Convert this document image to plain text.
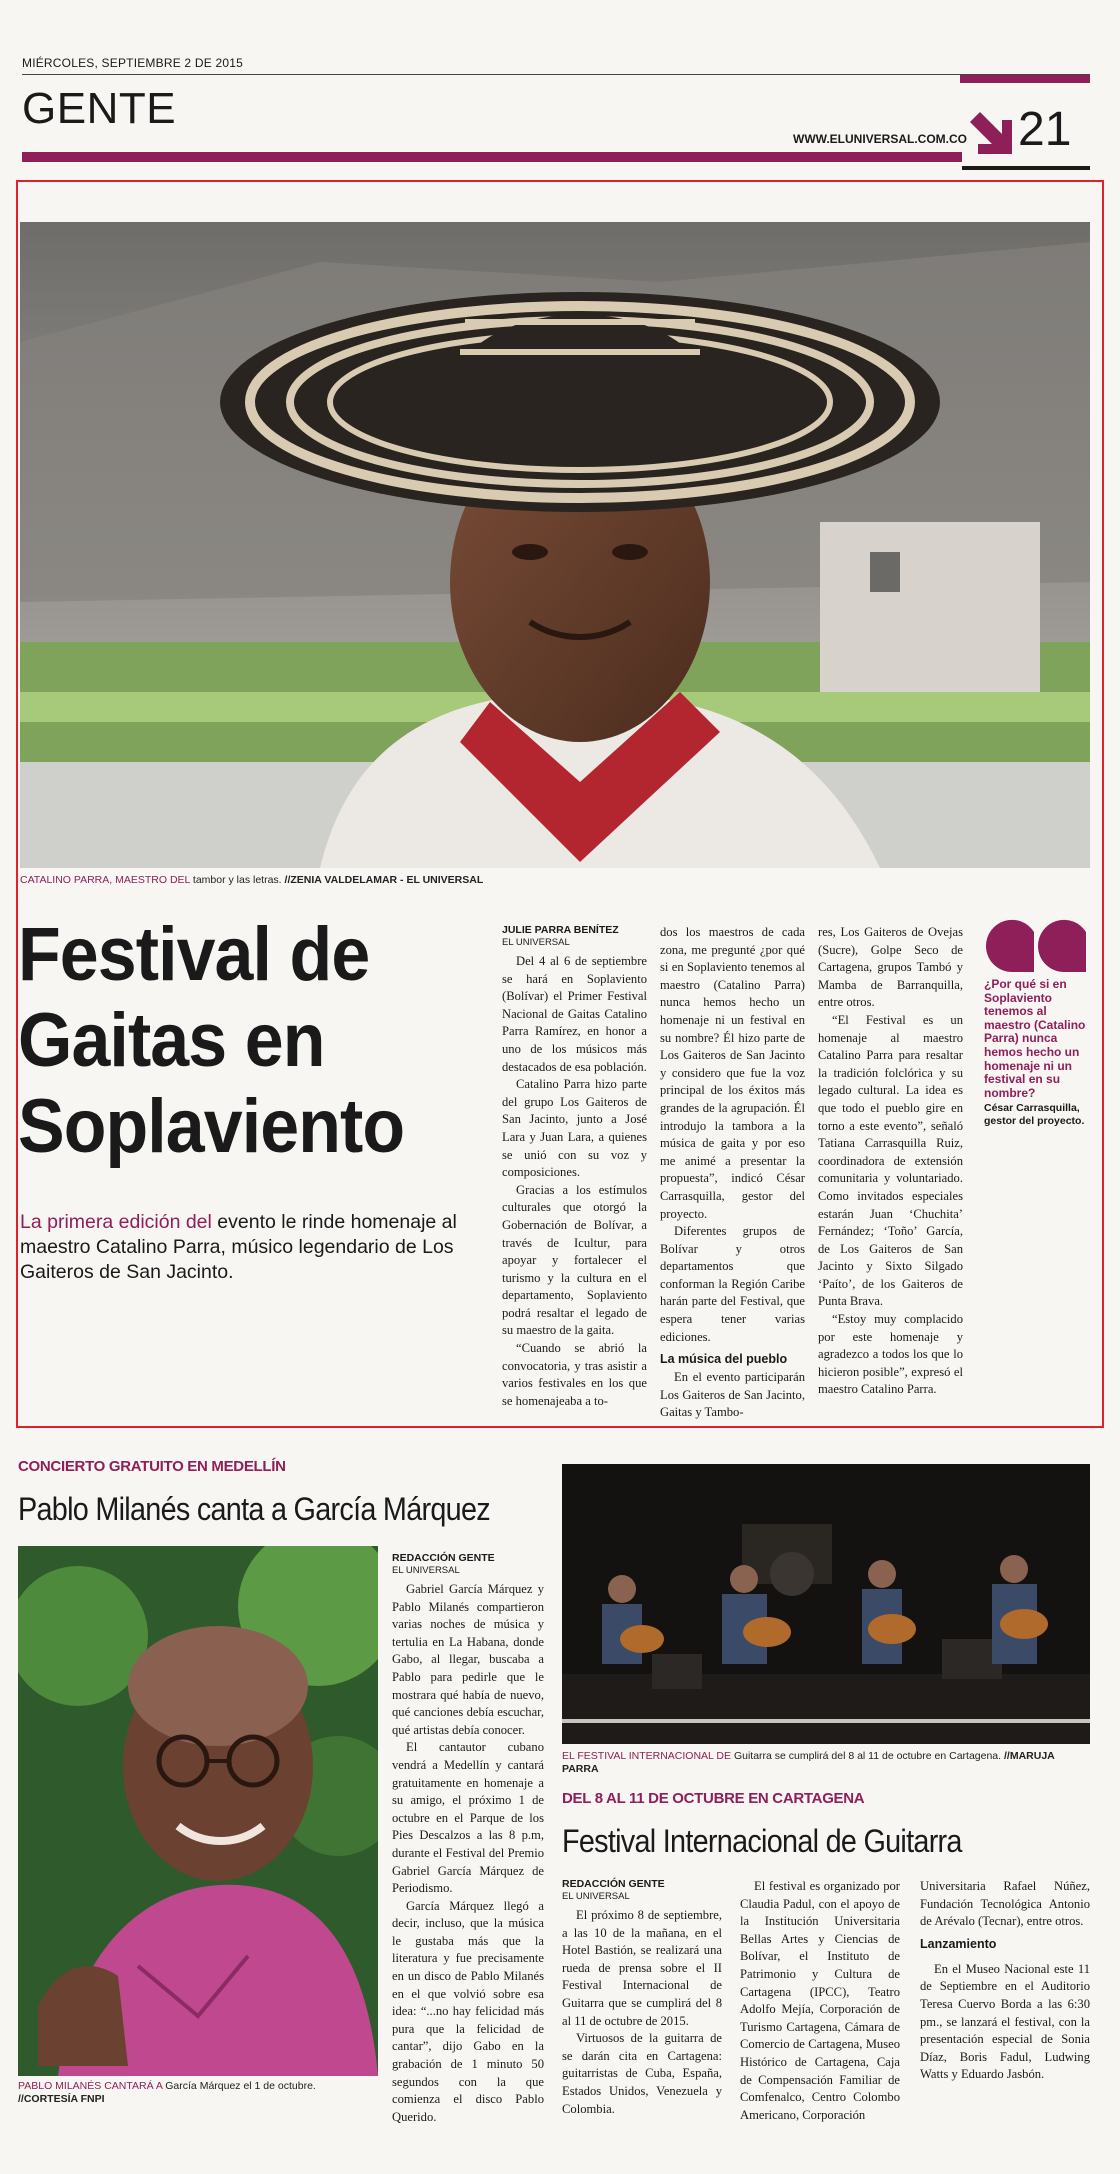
MIÉRCOLES, SEPTIEMBRE 2 DE 2015
GENTE
WWW.ELUNIVERSAL.COM.CO 21
CATALINO PARRA, MAESTRO DEL tambor y las letras. //ZENIA VALDELAMAR - EL UNIVERSAL
Festival de
Gaitas en
Soplaviento
La primera edición del evento le rinde homenaje al maestro Catalino Parra, músico legendario de Los Gaiteros de San Jacinto.
JULIE PARRA BENÍTEZ
EL UNIVERSAL

Del 4 al 6 de septiembre se hará en Soplaviento (Bolívar) el Primer Festival Nacional de Gaitas Catalino Parra Ramírez, en honor a uno de los músicos más destacados de esa población.

Catalino Parra hizo parte del grupo Los Gaiteros de San Jacinto, junto a José Lara y Juan Lara, a quienes se unió con su voz y composiciones.

Gracias a los estímulos culturales que otorgó la Gobernación de Bolívar, a través de Icultur, para apoyar y fortalecer el turismo y la cultura en el departamento, Soplaviento podrá resaltar el legado de su maestro de la gaita.

“Cuando se abrió la convocatoria, y tras asistir a varios festivales en los que se homenajeaba a to-

dos los maestros de cada zona, me pregunté ¿por qué si en Soplaviento tenemos al maestro (Catalino Parra) nunca hemos hecho un homenaje ni un festival en su nombre? Él hizo parte de Los Gaiteros de San Jacinto y considero que fue la voz principal de los éxitos más grandes de la agrupación. Él introdujo la tambora a la música de gaita y por eso me animé a presentar la propuesta”, indicó César Carrasquilla, gestor del proyecto.

Diferentes grupos de Bolívar y otros departamentos que conforman la Región Caribe harán parte del Festival, que espera tener varias ediciones.

La música del pueblo

En el evento participarán Los Gaiteros de San Jacinto, Gaitas y Tambo-

res, Los Gaiteros de Ovejas (Sucre), Golpe Seco de Cartagena, grupos Tambó y Mamba de Barranquilla, entre otros.

“El Festival es un homenaje al maestro Catalino Parra para resaltar la tradición folclórica y su legado cultural. La idea es que todo el pueblo gire en torno a este evento”, señaló Tatiana Carrasquilla Ruiz, coordinadora de extensión comunitaria y voluntariado. Como invitados especiales estarán Juan ‘Chuchita’ Fernández; ‘Toño’ García, de Los Gaiteros de San Jacinto y Sixto Silgado ‘Paíto’, de los Gaiteros de Punta Brava.

“Estoy muy complacido por este homenaje y agradezco a todos los que lo hicieron posible”, expresó el maestro Catalino Parra.

¿Por qué si en Soplaviento tenemos al maestro (Catalino Parra) nunca hemos hecho un homenaje ni un festival en su nombre?
César Carrasquilla, gestor del proyecto.
CONCIERTO GRATUITO EN MEDELLÍN
Pablo Milanés canta a García Márquez
PABLO MILANÉS CANTARÁ A García Márquez el 1 de octubre. //CORTESÍA FNPI
REDACCIÓN GENTE
EL UNIVERSAL

Gabriel García Márquez y Pablo Milanés compartieron varias noches de música y tertulia en La Habana, donde Gabo, al llegar, buscaba a Pablo para pedirle que le mostrara qué había de nuevo, qué canciones debía escuchar, qué artistas debía conocer.

El cantautor cubano vendrá a Medellín y cantará gratuitamente en homenaje a su amigo, el próximo 1 de octubre en el Parque de los Pies Descalzos a las 8 p.m, durante el Festival del Premio Gabriel García Márquez de Periodismo.

García Márquez llegó a decir, incluso, que la música le gustaba más que la literatura y fue precisamente en un disco de Pablo Milanés en el que volvió sobre esa idea: “...no hay felicidad más pura que la felicidad de cantar”, dijo Gabo en la grabación de 1 minuto 50 segundos con la que comienza el disco Pablo Querido.

EL FESTIVAL INTERNACIONAL DE Guitarra se cumplirá del 8 al 11 de octubre en Cartagena. //MARUJA PARRA
DEL 8 AL 11 DE OCTUBRE EN CARTAGENA
Festival Internacional de Guitarra
REDACCIÓN GENTE
EL UNIVERSAL

El próximo 8 de septiembre, a las 10 de la mañana, en el Hotel Bastión, se realizará una rueda de prensa sobre el II Festival Internacional de Guitarra que se cumplirá del 8 al 11 de octubre de 2015.

Virtuosos de la guitarra de se darán cita en Cartagena: guitarristas de Cuba, España, Estados Unidos, Venezuela y Colombia.

El festival es organizado por Claudia Padul, con el apoyo de la Institución Universitaria Bellas Artes y Ciencias de Bolívar, el Instituto de Patrimonio y Cultura de Cartagena (IPCC), Teatro Adolfo Mejía, Corporación de Turismo Cartagena, Cámara de Comercio de Cartagena, Museo Histórico de Cartagena, Caja de Compensación Familiar de Comfenalco, Centro Colombo Americano, Corporación

Universitaria Rafael Núñez, Fundación Tecnológica Antonio de Arévalo (Tecnar), entre otros.

Lanzamiento

En el Museo Nacional este 11 de Septiembre en el Auditorio Teresa Cuervo Borda a las 6:30 pm., se lanzará el festival, con la presentación especial de Sonia Díaz, Boris Fadul, Ludwing Watts y Eduardo Jasbón.
